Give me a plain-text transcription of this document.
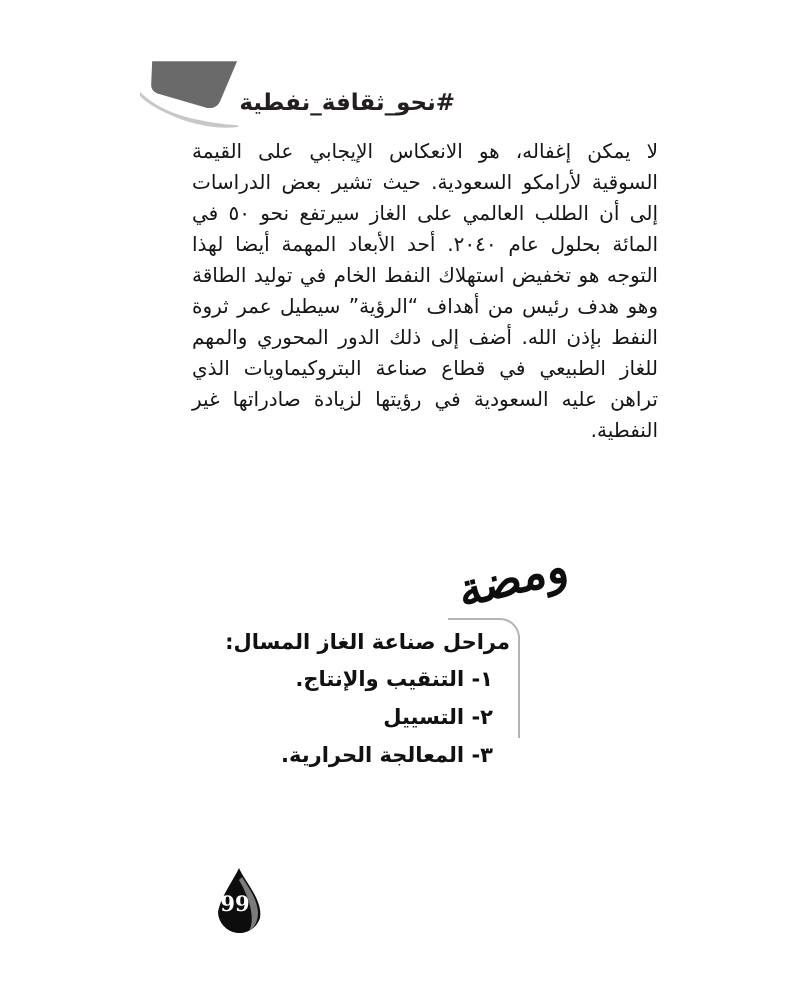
#نحو_ثقافة_نفطية
لا يمكن إغفاله، هو الانعكاس الإيجابي على القيمة السوقية لأرامكو السعودية. حيث تشير بعض الدراسات إلى أن الطلب العالمي على الغاز سيرتفع نحو ٥٠ في المائة بحلول عام ٢٠٤٠. أحد الأبعاد المهمة أيضا لهذا التوجه هو تخفيض استهلاك النفط الخام في توليد الطاقة وهو هدف رئيس من أهداف “الرؤية” سيطيل عمر ثروة النفط بإذن الله. أضف إلى ذلك الدور المحوري والمهم للغاز الطبيعي في قطاع صناعة البتروكيماويات الذي تراهن عليه السعودية في رؤيتها لزيادة صادراتها غير النفطية.
ومضة
مراحل صناعة الغاز المسال:
١- التنقيب والإنتاج.
٢- التسييل
٣- المعالجة الحرارية.
99
